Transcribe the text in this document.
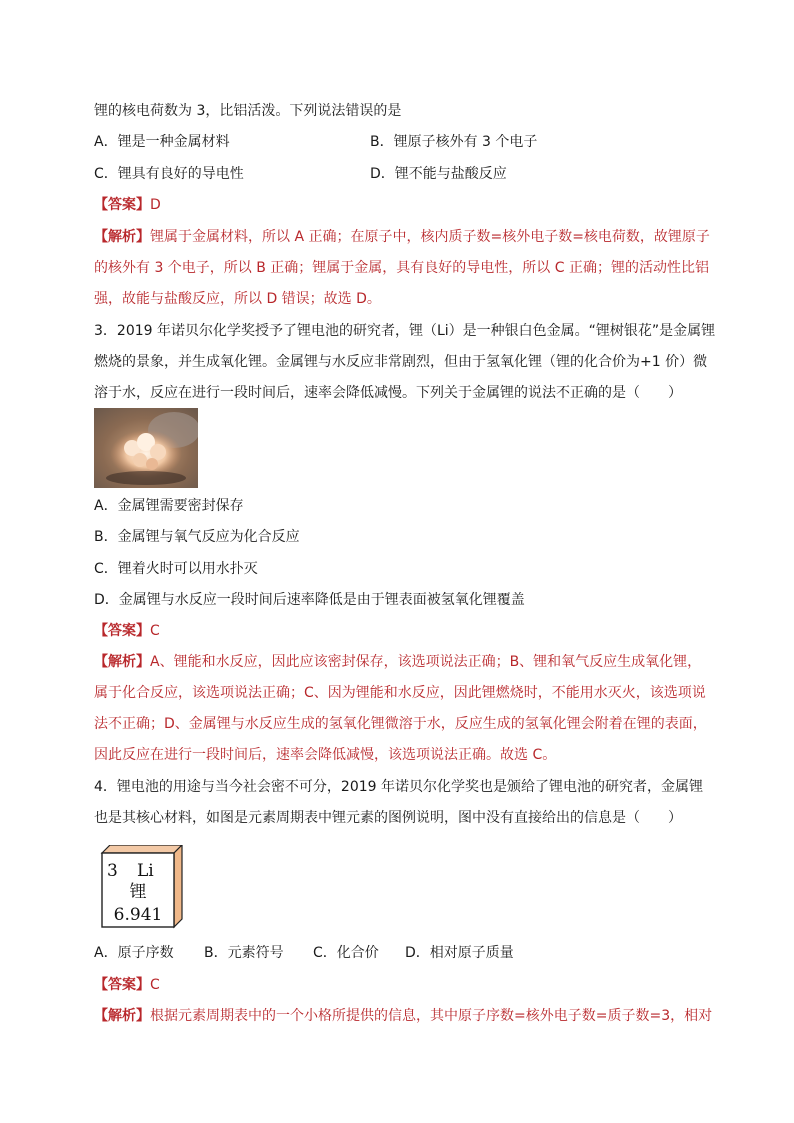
锂的核电荷数为 3，比铝活泼。下列说法错误的是
A．锂是一种金属材料	B．锂原子核外有 3 个电子
C．锂具有良好的导电性	D．锂不能与盐酸反应
【答案】D
【解析】锂属于金属材料，所以 A 正确；在原子中，核内质子数=核外电子数=核电荷数，故锂原子
的核外有 3 个电子，所以 B 正确；锂属于金属，具有良好的导电性，所以 C 正确；锂的活动性比铝
强，故能与盐酸反应，所以 D 错误；故选 D。
3．2019 年诺贝尔化学奖授予了锂电池的研究者，锂（Li）是一种银白色金属。“锂树银花”是金属锂
燃烧的景象，并生成氧化锂。金属锂与水反应非常剧烈，但由于氢氧化锂（锂的化合价为+1 价）微
溶于水，反应在进行一段时间后，速率会降低减慢。下列关于金属锂的说法不正确的是（　　）
A．金属锂需要密封保存
B．金属锂与氧气反应为化合反应
C．锂着火时可以用水扑灭
D．金属锂与水反应一段时间后速率降低是由于锂表面被氢氧化锂覆盖
【答案】C
【解析】A、锂能和水反应，因此应该密封保存，该选项说法正确；B、锂和氧气反应生成氧化锂，
属于化合反应，该选项说法正确；C、因为锂能和水反应，因此锂燃烧时，不能用水灭火，该选项说
法不正确；D、金属锂与水反应生成的氢氧化锂微溶于水，反应生成的氢氧化锂会附着在锂的表面，
因此反应在进行一段时间后，速率会降低减慢，该选项说法正确。故选 C。
4．锂电池的用途与当今社会密不可分，2019 年诺贝尔化学奖也是颁给了锂电池的研究者，金属锂
也是其核心材料，如图是元素周期表中锂元素的图例说明，图中没有直接给出的信息是（　　）
3 Li
锂
6.941
A．原子序数 B．元素符号 C．化合价 D．相对原子质量
【答案】C
【解析】根据元素周期表中的一个小格所提供的信息，其中原子序数=核外电子数=质子数=3，相对
